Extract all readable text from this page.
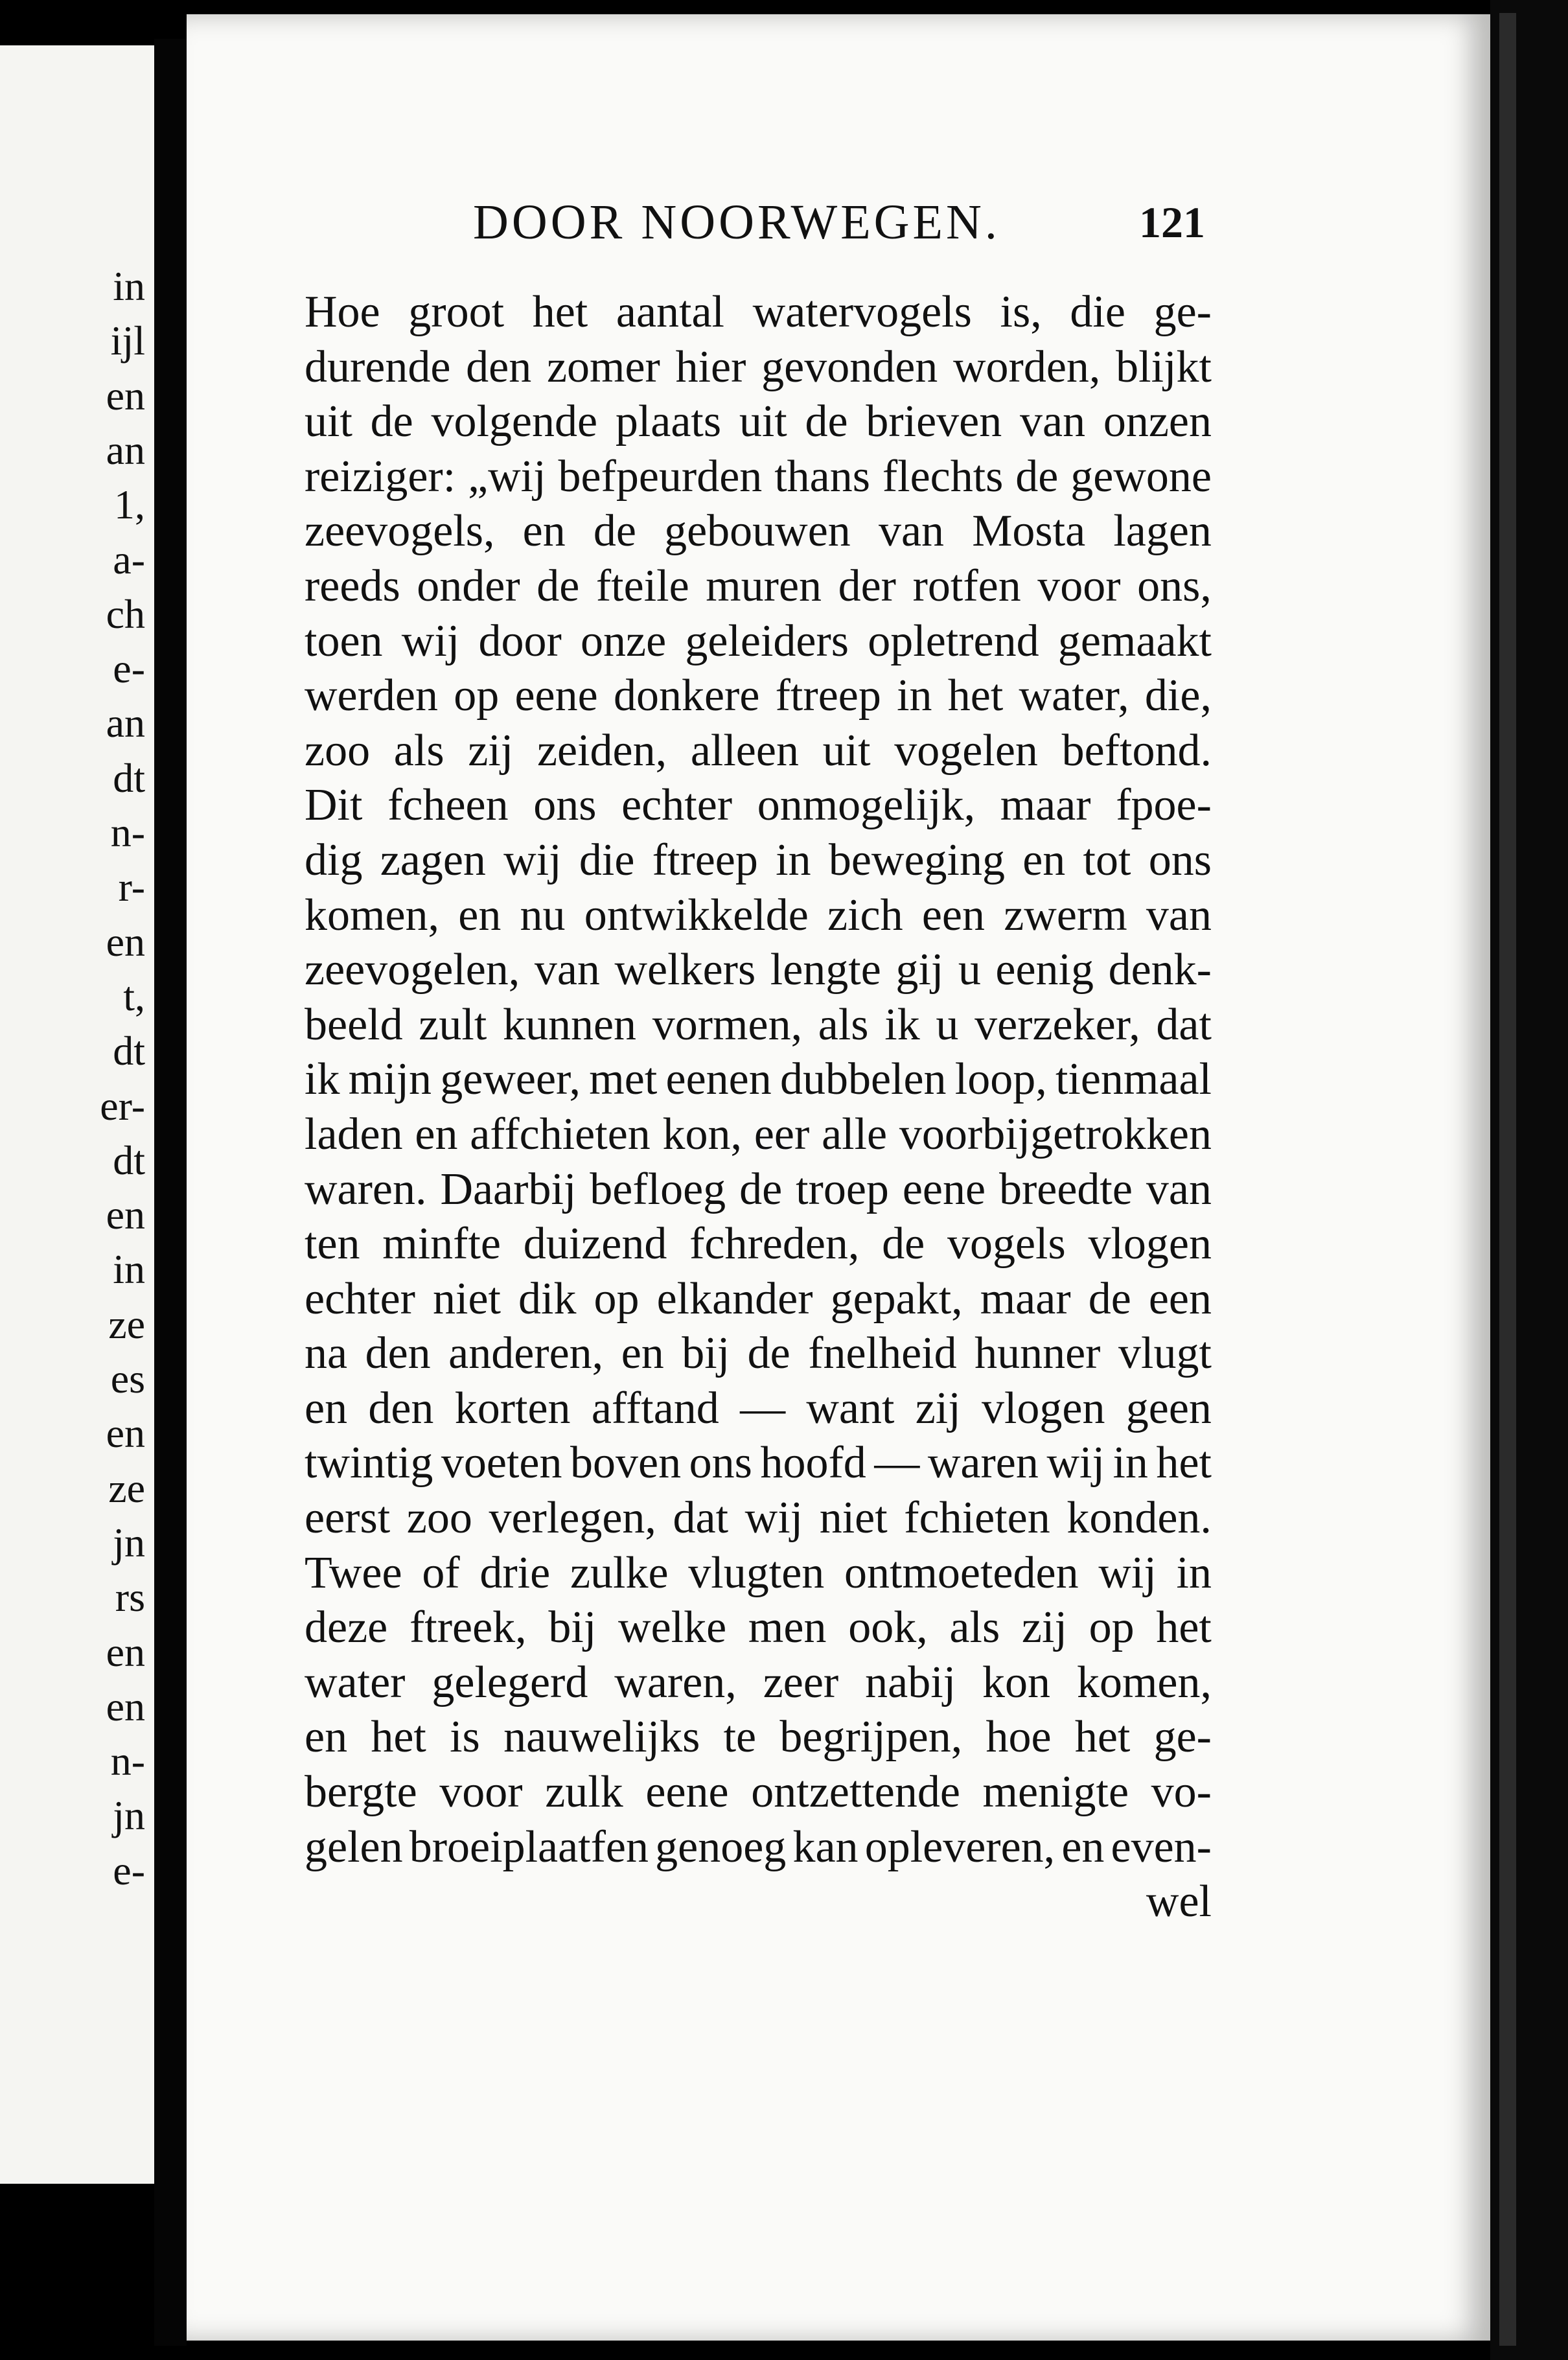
in
ijl
en
an
1,
a-
ch
e-
an
dt
n-
r-
en
t,
dt
er-
dt
en
in
ze
es
en
ze
jn
rs
en
en
n-
jn
e-
DOOR NOORWEGEN.	121
Hoe groot het aantal watervogels is, die ge-
durende den zomer hier gevonden worden, blijkt
uit de volgende plaats uit de brieven van onzen
reiziger: „wij befpeurden thans flechts de gewone
zeevogels, en de gebouwen van Mosta lagen
reeds onder de fteile muren der rotfen voor ons,
toen wij door onze geleiders opletrend gemaakt
werden op eene donkere ftreep in het water, die,
zoo als zij zeiden, alleen uit vogelen beftond.
Dit fcheen ons echter onmogelijk, maar fpoe-
dig zagen wij die ftreep in beweging en tot ons
komen, en nu ontwikkelde zich een zwerm van
zeevogelen, van welkers lengte gij u eenig denk-
beeld zult kunnen vormen, als ik u verzeker, dat
ik mijn geweer, met eenen dubbelen loop, tienmaal
laden en affchieten kon, eer alle voorbijgetrokken
waren. Daarbij befloeg de troep eene breedte van
ten minfte duizend fchreden, de vogels vlogen
echter niet dik op elkander gepakt, maar de een
na den anderen, en bij de fnelheid hunner vlugt
en den korten afftand — want zij vlogen geen
twintig voeten boven ons hoofd — waren wij in het
eerst zoo verlegen, dat wij niet fchieten konden.
Twee of drie zulke vlugten ontmoeteden wij in
deze ftreek, bij welke men ook, als zij op het
water gelegerd waren, zeer nabij kon komen,
en het is nauwelijks te begrijpen, hoe het ge-
bergte voor zulk eene ontzettende menigte vo-
gelen broeiplaatfen genoeg kan opleveren, en even-
wel
